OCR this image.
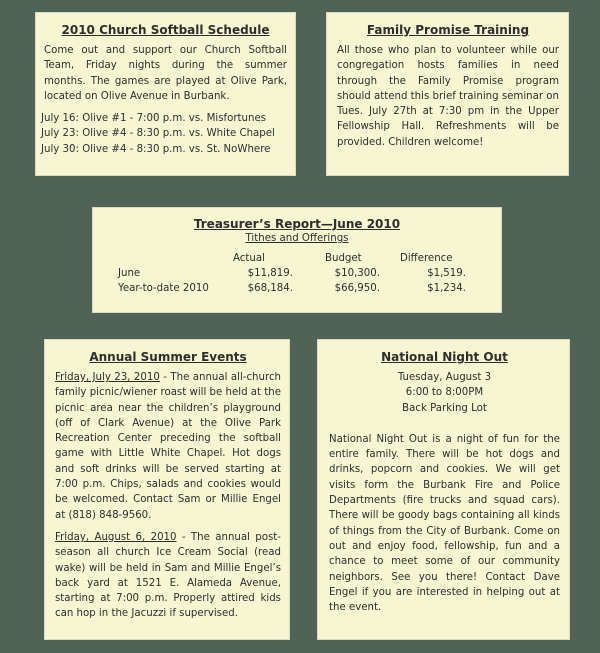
2010 Church Softball Schedule
Come out and support our Church Softball Team, Friday nights during the summer months. The games are played at Olive Park, located on Olive Avenue in Burbank.
July 16: Olive #1 - 7:00 p.m. vs. Misfortunes
July 23: Olive #4 - 8:30 p.m. vs. White Chapel
July 30: Olive #4 - 8:30 p.m. vs. St. NoWhere
Family Promise Training
All those who plan to volunteer while our congregation hosts families in need through the Family Promise program should attend this brief training seminar on Tues. July 27th at 7:30 pm in the Upper Fellowship Hall. Refreshments will be provided. Children welcome!
Treasurer’s Report—June 2010
Tithes and Offerings
	Actual	Budget	Difference
June	$11,819.	$10,300.	$1,519.
Year-to-date 2010	$68,184.	$66,950.	$1,234.
Annual Summer Events

Friday, July 23, 2010 - The annual all-church family picnic/wiener roast will be held at the picnic area near the children’s playground (off of Clark Avenue) at the Olive Park Recreation Center preceding the softball game with Little White Chapel. Hot dogs and soft drinks will be served starting at 7:00 p.m. Chips, salads and cookies would be welcomed. Contact Sam or Millie Engel at (818) 848-9560.

Friday, August 6, 2010 - The annual post-season all church Ice Cream Social (read wake) will be held in Sam and Millie Engel’s back yard at 1521 E. Alameda Avenue, starting at 7:00 p.m. Properly attired kids can hop in the Jacuzzi if supervised.

National Night Out
Tuesday, August 3
6:00 to 8:00PM
Back Parking Lot
National Night Out is a night of fun for the entire family. There will be hot dogs and drinks, popcorn and cookies. We will get visits form the Burbank Fire and Police Departments (fire trucks and squad cars). There will be goody bags containing all kinds of things from the City of Burbank. Come on out and enjoy food, fellowship, fun and a chance to meet some of our community neighbors. See you there! Contact Dave Engel if you are interested in helping out at the event.
